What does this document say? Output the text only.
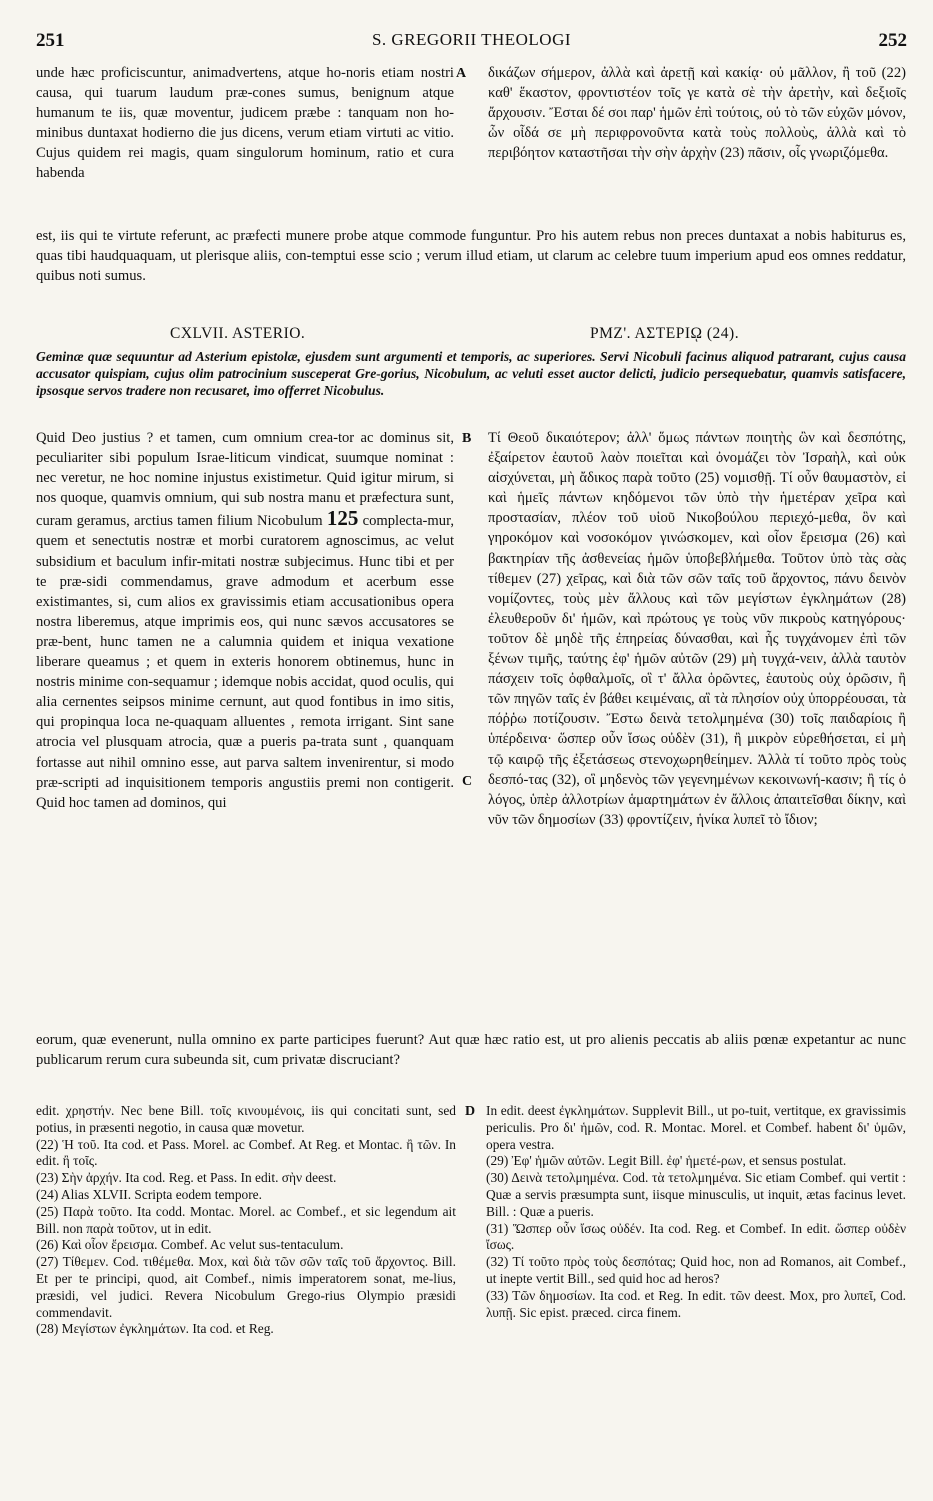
251	S. GREGORII THEOLOGI	252
unde hæc proficiscuntur, animadvertens, atque ho-noris etiam nostri causa, qui tuarum laudum præ-cones sumus, benignum atque humanum te iis, quæ moventur, judicem præbe : tanquam non ho-minibus duntaxat hodierno die jus dicens, verum etiam virtuti ac vitio. Cujus quidem rei magis, quam singulorum hominum, ratio et cura habenda
A δικάζων σήμερον, ἀλλὰ καὶ ἀρετῇ καὶ κακίᾳ· οὐ μᾶλλον, ἢ τοῦ (22) καθ' ἕκαστον, φροντιστέον τοῖς γε κατὰ σὲ τὴν ἀρετὴν, καὶ δεξιοῖς ἄρχουσιν. Ἔσται δέ σοι παρ' ἡμῶν ἐπὶ τούτοις, οὐ τὸ τῶν εὐχῶν μόνον, ὧν οἶδά σε μὴ περιφρονοῦντα κατὰ τοὺς πολλοὺς, ἀλλὰ καὶ τὸ περιβόητον καταστῆσαι τὴν σὴν ἀρχὴν (23) πᾶσιν, οἷς γνωριζόμεθα.
est, iis qui te virtute referunt, ac præfecti munere probe atque commode funguntur. Pro his autem rebus non preces duntaxat a nobis habiturus es, quas tibi haudquaquam, ut plerisque aliis, con-temptui esse scio ; verum illud etiam, ut clarum ac celebre tuum imperium apud eos omnes reddatur, quibus noti sumus.
CXLVII. ASTERIO.	ΡΜΖ'. ΑΣΤΕΡΙῼ (24).
Geminæ quæ sequuntur ad Asterium epistolæ, ejusdem sunt argumenti et temporis, ac superiores. Servi Nicobuli facinus aliquod patrarant, cujus causa accusator quispiam, cujus olim patrocinium susceperat Gre-gorius, Nicobulum, ac veluti esset auctor delicti, judicio persequebatur, quamvis satisfacere, ipsosque servos tradere non recusaret, imo offerret Nicobulus.
Quid Deo justius ? et tamen, cum omnium crea-tor ac dominus sit, peculiariter sibi populum Israe-liticum vindicat, suumque nominat : nec veretur, ne hoc nomine injustus existimetur. Quid igitur mirum, si nos quoque, quamvis omnium, qui sub nostra manu et præfectura sunt, curam geramus, arctius tamen filium Nicobulum 125 complecta-mur, quem et senectutis nostræ et morbi curatorem agnoscimus, ac velut subsidium et baculum infir-mitati nostræ subjecimus. Hunc tibi et per te præ-sidi commendamus, grave admodum et acerbum esse existimantes, si, cum alios ex gravissimis etiam accusationibus opera nostra liberemus, atque imprimis eos, qui nunc sævos accusatores se præ-bent, hunc tamen ne a calumnia quidem et iniqua vexatione liberare queamus ; et quem in exteris honorem obtinemus, hunc in nostris minime con-sequamur ; idemque nobis accidat, quod oculis, qui alia cernentes seipsos minime cernunt, aut quod fontibus in imo sitis, qui propinqua loca ne-quaquam alluentes , remota irrigant. Sint sane atrocia vel plusquam atrocia, quæ a pueris pa-trata sunt , quanquam fortasse aut nihil omnino esse, aut parva saltem invenirentur, si modo præ-scripti ad inquisitionem temporis angustiis premi non contigerit. Quid hoc tamen ad dominos, qui
B
C
Τί Θεοῦ δικαιότερον; ἀλλ' ὅμως πάντων ποιητὴς ὢν καὶ δεσπότης, ἐξαίρετον ἑαυτοῦ λαὸν ποιεῖται καὶ ὀνομάζει τὸν Ἰσραὴλ, καὶ οὐκ αἰσχύνεται, μὴ ἄδικος παρὰ τοῦτο (25) νομισθῇ. Τί οὖν θαυμαστὸν, εἰ καὶ ἡμεῖς πάντων κηδόμενοι τῶν ὑπὸ τὴν ἡμετέραν χεῖρα καὶ προστασίαν, πλέον τοῦ υἱοῦ Νικοβούλου περιεχό-μεθα, ὃν καὶ γηροκόμον καὶ νοσοκόμον γινώσκομεν, καὶ οἷον ἔρεισμα (26) καὶ βακτηρίαν τῆς ἀσθενείας ἡμῶν ὑποβεβλήμεθα. Τοῦτον ὑπὸ τὰς σὰς τίθεμεν (27) χεῖρας, καὶ διὰ τῶν σῶν ταῖς τοῦ ἄρχοντος, πάνυ δεινὸν νομίζοντες, τοὺς μὲν ἄλλους καὶ τῶν μεγίστων ἐγκλημάτων (28) ἐλευθεροῦν δι' ἡμῶν, καὶ πρώτους γε τοὺς νῦν πικροὺς κατηγόρους· τοῦτον δὲ μηδὲ τῆς ἐπηρείας δύνασθαι, καὶ ἧς τυγχάνομεν ἐπὶ τῶν ξένων τιμῆς, ταύτης ἐφ' ἡμῶν αὐτῶν (29) μὴ τυγχά-νειν, ἀλλὰ ταυτὸν πάσχειν τοῖς ὀφθαλμοῖς, οἳ τ' ἄλλα ὁρῶντες, ἑαυτοὺς οὐχ ὁρῶσιν, ἢ τῶν πηγῶν ταῖς ἐν βάθει κειμέναις, αἳ τὰ πλησίον οὐχ ὑπορρέουσαι, τὰ πόῤῥω ποτίζουσιν. Ἔστω δεινὰ τετολμημένα (30) τοῖς παιδαρίοις ἢ ὑπέρδεινα· ὥσπερ οὖν ἴσως οὐδὲν (31), ἢ μικρὸν εὑρεθήσεται, εἰ μὴ τῷ καιρῷ τῆς ἐξετάσεως στενοχωρηθείημεν. Ἀλλὰ τί τοῦτο πρὸς τοὺς δεσπό-τας (32), οἳ μηδενὸς τῶν γεγενημένων κεκοινωνή-κασιν; ἢ τίς ὁ λόγος, ὑπὲρ ἀλλοτρίων ἁμαρτημάτων ἐν ἄλλοις ἀπαιτεῖσθαι δίκην, καὶ νῦν τῶν δημοσίων (33) φροντίζειν, ἡνίκα λυπεῖ τὸ ἴδιον;
eorum, quæ evenerunt, nulla omnino ex parte participes fuerunt? Aut quæ hæc ratio est, ut pro alienis peccatis ab aliis pœnæ expetantur ac nunc publicarum rerum cura subeunda sit, cum privatæ discruciant?

edit. χρηστήν. Nec bene Bill. τοῖς κινουμένοις, iis qui concitati sunt, sed potius, in præsenti negotio, in causa quæ movetur.

(22) Ἡ τοῦ. Ita cod. et Pass. Morel. ac Combef. At Reg. et Montac. ἢ τῶν. In edit. ἢ τοῖς.

(23) Σὴν ἀρχήν. Ita cod. Reg. et Pass. In edit. σὴν deest.

(24) Alias XLVII. Scripta eodem tempore.

(25) Παρὰ τοῦτο. Ita codd. Montac. Morel. ac Combef., et sic legendum ait Bill. non παρὰ τοῦτον, ut in edit.

(26) Καὶ οἷον ἔρεισμα. Combef. Ac velut sus-tentaculum.

(27) Τίθεμεν. Cod. τιθέμεθα. Mox, καὶ διὰ τῶν σῶν ταῖς τοῦ ἄρχοντος. Bill. Et per te principi, quod, ait Combef., nimis imperatorem sonat, me-lius, præsidi, vel judici. Revera Nicobulum Grego-rius Olympio præsidi commendavit.

(28) Μεγίστων ἐγκλημάτων. Ita cod. et Reg.

D In edit. deest ἐγκλημάτων. Supplevit Bill., ut po-tuit, vertitque, ex gravissimis periculis. Pro δι' ἡμῶν, cod. R. Montac. Morel. et Combef. habent δι' ὑμῶν, opera vestra.

(29) Ἐφ' ἡμῶν αὐτῶν. Legit Bill. ἐφ' ἡμετέ-ρων, et sensus postulat.

(30) Δεινὰ τετολμημένα. Cod. τὰ τετολμημένα. Sic etiam Combef. qui vertit : Quæ a servis præsumpta sunt, iisque minusculis, ut inquit, ætas facinus levet. Bill. : Quæ a pueris.

(31) Ὥσπερ οὖν ἴσως οὐδέν. Ita cod. Reg. et Combef. In edit. ὥσπερ οὐδὲν ἴσως.

(32) Τί τοῦτο πρὸς τοὺς δεσπότας; Quid hoc, non ad Romanos, ait Combef., ut inepte vertit Bill., sed quid hoc ad heros?

(33) Τῶν δημοσίων. Ita cod. et Reg. In edit. τῶν deest. Mox, pro λυπεῖ, Cod. λυπῇ. Sic epist. præced. circa finem.
